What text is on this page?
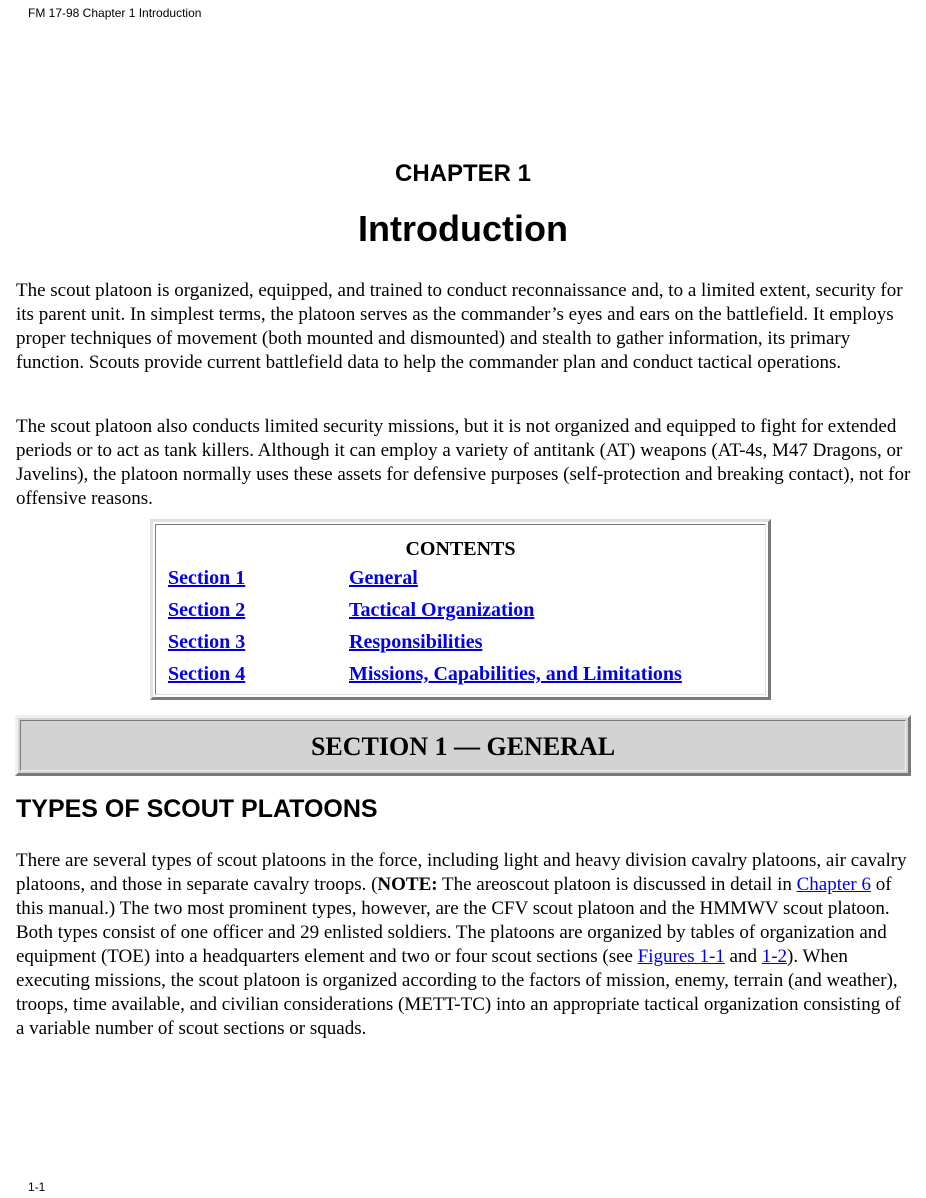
FM 17-98 Chapter 1 Introduction
CHAPTER 1
Introduction

The scout platoon is organized, equipped, and trained to conduct reconnaissance and, to a limited extent, security for its parent unit. In simplest terms, the platoon serves as the commander’s eyes and ears on the battlefield. It employs proper techniques of movement (both mounted and dismounted) and stealth to gather information, its primary function. Scouts provide current battlefield data to help the commander plan and conduct tactical operations.

The scout platoon also conducts limited security missions, but it is not organized and equipped to fight for extended periods or to act as tank killers. Although it can employ a variety of antitank (AT) weapons (AT-4s, M47 Dragons, or Javelins), the platoon normally uses these assets for defensive purposes (self-protection and breaking contact), not for offensive reasons.

CONTENTS
Section 1	General
Section 2	Tactical Organization
Section 3	Responsibilities
Section 4	Missions, Capabilities, and Limitations
SECTION 1 — GENERAL
TYPES OF SCOUT PLATOONS

There are several types of scout platoons in the force, including light and heavy division cavalry platoons, air cavalry platoons, and those in separate cavalry troops. (NOTE: The areoscout platoon is discussed in detail in Chapter 6 of this manual.) The two most prominent types, however, are the CFV scout platoon and the HMMWV scout platoon. Both types consist of one officer and 29 enlisted soldiers. The platoons are organized by tables of organization and equipment (TOE) into a headquarters element and two or four scout sections (see Figures 1-1 and 1-2). When executing missions, the scout platoon is organized according to the factors of mission, enemy, terrain (and weather), troops, time available, and civilian considerations (METT-TC) into an appropriate tactical organization consisting of a variable number of scout sections or squads.

1-1
